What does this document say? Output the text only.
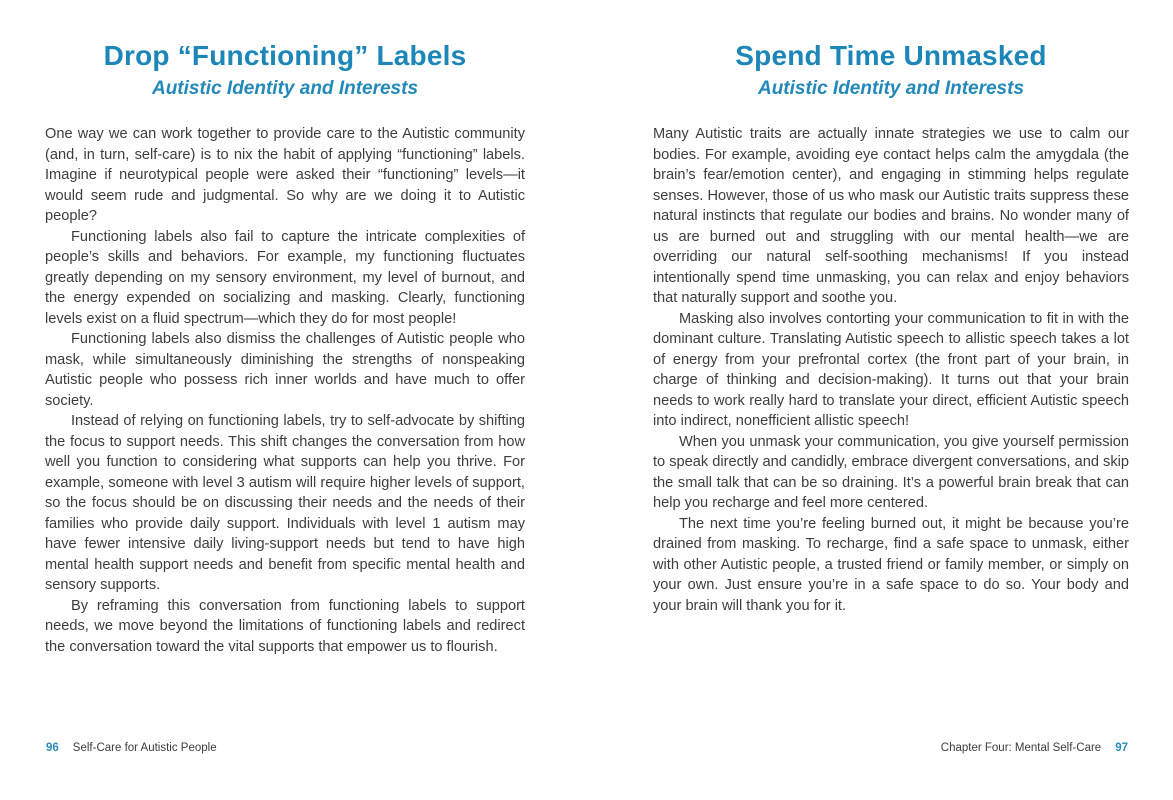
Drop “Functioning” Labels
Autistic Identity and Interests

One way we can work together to provide care to the Autistic community (and, in turn, self-care) is to nix the habit of applying “functioning” labels. Imagine if neurotypical people were asked their “functioning” levels—it would seem rude and judgmental. So why are we doing it to Autistic people?

Functioning labels also fail to capture the intricate complexities of people’s skills and behaviors. For example, my functioning fluctuates greatly depending on my sensory environment, my level of burnout, and the energy expended on socializing and masking. Clearly, functioning levels exist on a fluid spectrum—which they do for most people!

Functioning labels also dismiss the challenges of Autistic people who mask, while simultaneously diminishing the strengths of nonspeaking Autistic people who possess rich inner worlds and have much to offer society.

Instead of relying on functioning labels, try to self-advocate by shifting the focus to support needs. This shift changes the conversation from how well you function to considering what supports can help you thrive. For example, someone with level 3 autism will require higher levels of support, so the focus should be on discussing their needs and the needs of their families who provide daily support. Individuals with level 1 autism may have fewer intensive daily living-support needs but tend to have high mental health support needs and benefit from specific mental health and sensory supports.

By reframing this conversation from functioning labels to support needs, we move beyond the limitations of functioning labels and redirect the conversation toward the vital supports that empower us to flourish.

Spend Time Unmasked
Autistic Identity and Interests

Many Autistic traits are actually innate strategies we use to calm our bodies. For example, avoiding eye contact helps calm the amygdala (the brain’s fear/emotion center), and engaging in stimming helps regulate senses. However, those of us who mask our Autistic traits suppress these natural instincts that regulate our bodies and brains. No wonder many of us are burned out and struggling with our mental health—we are overriding our natural self-soothing mechanisms! If you instead intentionally spend time unmasking, you can relax and enjoy behaviors that naturally support and soothe you.

Masking also involves contorting your communication to fit in with the dominant culture. Translating Autistic speech to allistic speech takes a lot of energy from your prefrontal cortex (the front part of your brain, in charge of thinking and decision-making). It turns out that your brain needs to work really hard to translate your direct, efficient Autistic speech into indirect, nonefficient allistic speech!

When you unmask your communication, you give yourself permission to speak directly and candidly, embrace divergent conversations, and skip the small talk that can be so draining. It’s a powerful brain break that can help you recharge and feel more centered.

The next time you’re feeling burned out, it might be because you’re drained from masking. To recharge, find a safe space to unmask, either with other Autistic people, a trusted friend or family member, or simply on your own. Just ensure you’re in a safe space to do so. Your body and your brain will thank you for it.

96 Self-Care for Autistic People	Chapter Four: Mental Self-Care 97
